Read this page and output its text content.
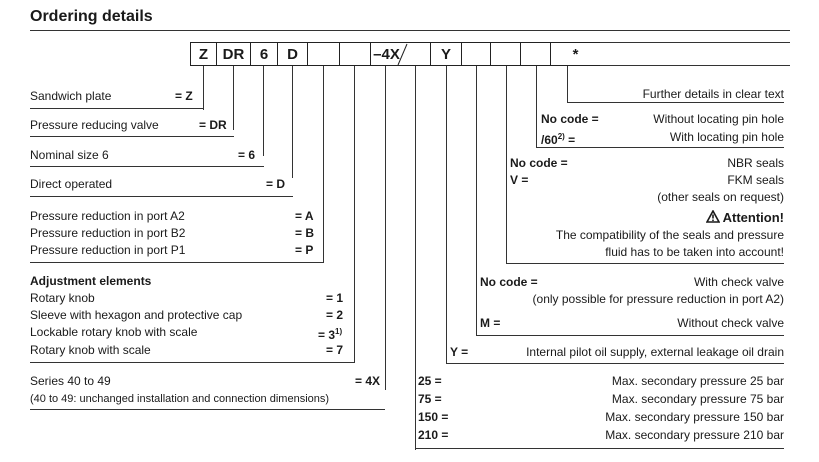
Ordering details
Z DR	6	D	–4X	Y	*
Sandwich plate	= Z
Pressure reducing valve	= DR
Nominal size 6	= 6
Direct operated	= D
Pressure reduction in port A2	= A
Pressure reduction in port B2	= B
Pressure reduction in port P1	= P
Adjustment elements
Rotary knob	= 1
Sleeve with hexagon and protective cap	= 2
Lockable rotary knob with scale	= $3^{1)}$
Rotary knob with scale	= 7
Series 40 to 49	= 4X
(40 to 49: unchanged installation and connection dimensions)
Further details in clear text
No code =	Without locating pin hole
$/60^{2)}$ =	With locating pin hole
No code =	NBR seals
V =	FKM seals
(other seals on request)
Attention!
The compatibility of the seals and pressure
fluid has to be taken into account!
No code =	With check valve
(only possible for pressure reduction in port A2)
M =	Without check valve
Y =	Internal pilot oil supply, external leakage oil drain
25 =	Max. secondary pressure 25 bar
75 =	Max. secondary pressure 75 bar
150 =	Max. secondary pressure 150 bar
210 =	Max. secondary pressure 210 bar
